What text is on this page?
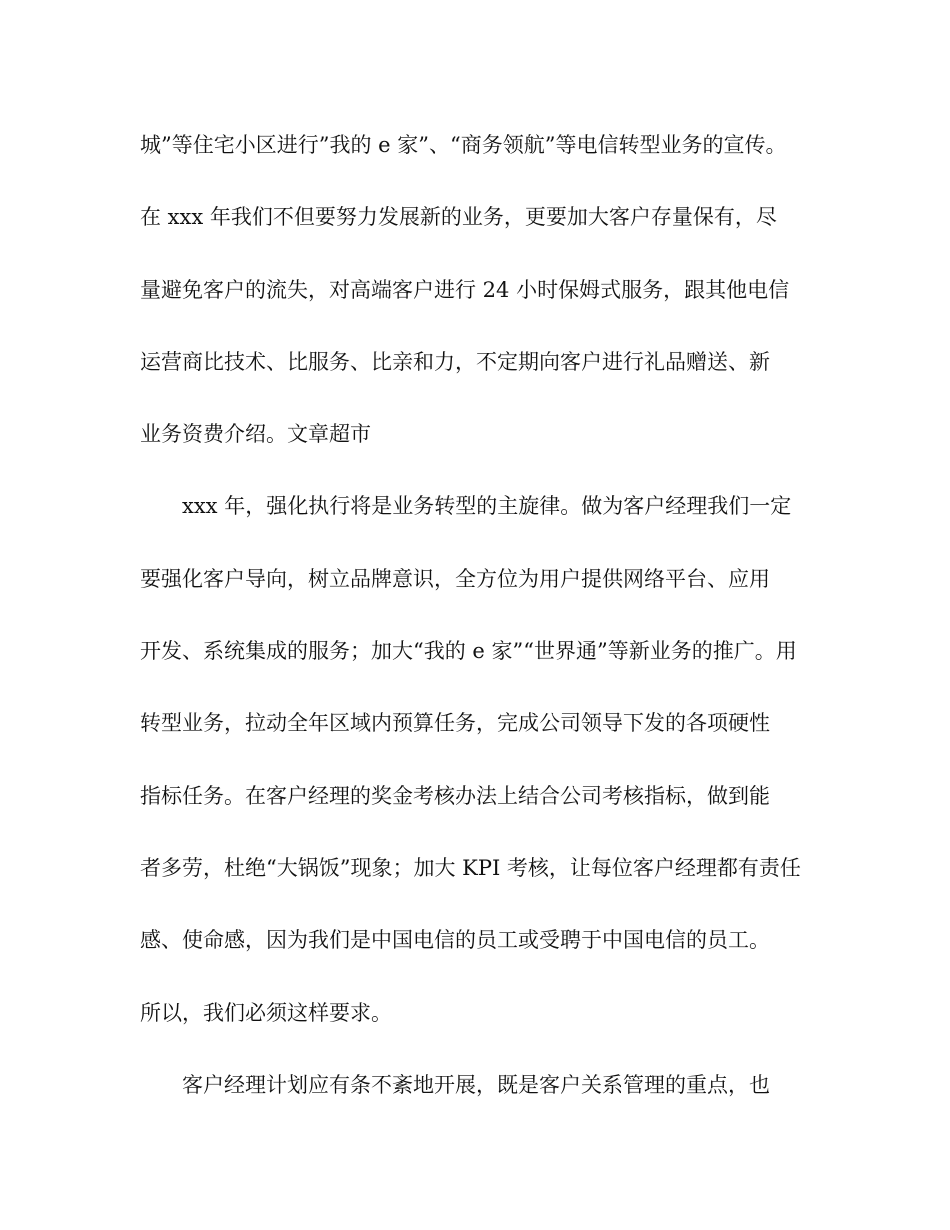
城”等住宅小区进行”我的 e 家”、“商务领航”等电信转型业务的宣传。
在 xxx 年我们不但要努力发展新的业务，更要加大客户存量保有，尽
量避免客户的流失，对高端客户进行 24 小时保姆式服务，跟其他电信
运营商比技术、比服务、比亲和力，不定期向客户进行礼品赠送、新
业务资费介绍。文章超市
xxx 年，强化执行将是业务转型的主旋律。做为客户经理我们一定
要强化客户导向，树立品牌意识，全方位为用户提供网络平台、应用
开发、系统集成的服务；加大“我的 e 家”“世界通”等新业务的推广。用
转型业务，拉动全年区域内预算任务，完成公司领导下发的各项硬性
指标任务。在客户经理的奖金考核办法上结合公司考核指标，做到能
者多劳，杜绝“大锅饭”现象；加大 KPI 考核，让每位客户经理都有责任
感、使命感，因为我们是中国电信的员工或受聘于中国电信的员工。
所以，我们必须这样要求。
客户经理计划应有条不紊地开展，既是客户关系管理的重点，也
